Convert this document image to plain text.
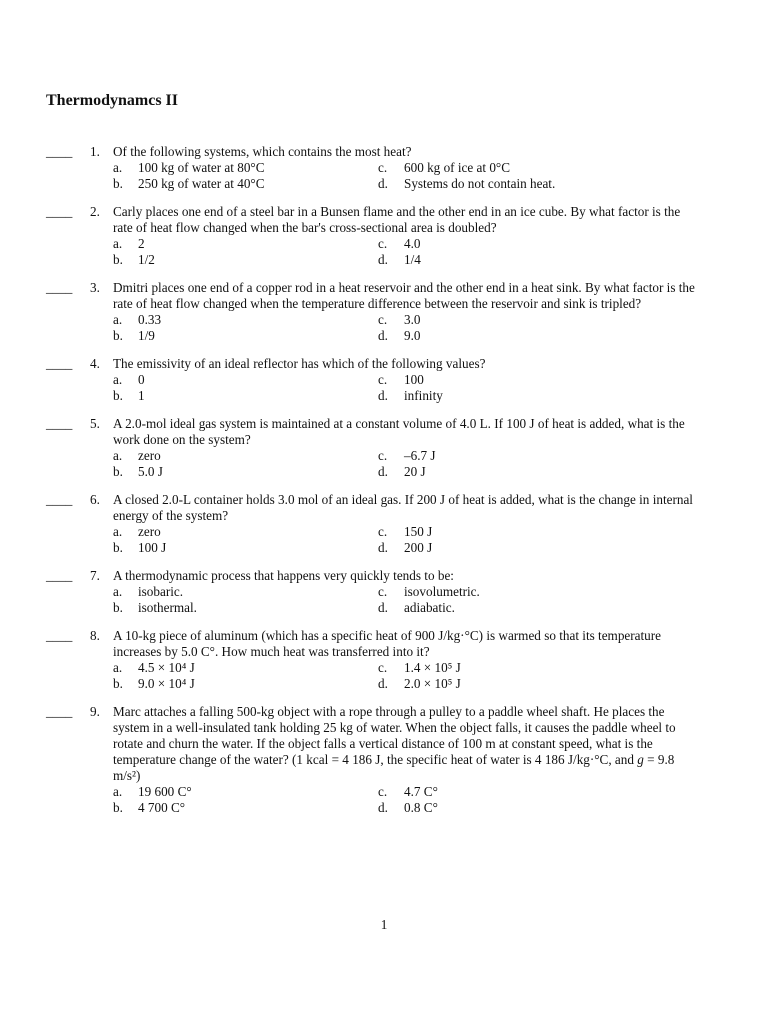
Thermodynamcs II
____ 1. Of the following systems, which contains the most heat?
a.	100 kg of water at 80°C	c.	600 kg of ice at 0°C
b.	250 kg of water at 40°C	d.	Systems do not contain heat.
____ 2. Carly places one end of a steel bar in a Bunsen flame and the other end in an ice cube. By what factor is the
rate of heat flow changed when the bar's cross-sectional area is doubled?
a.	2	c.	4.0
b.	1/2	d.	1/4
____ 3. Dmitri places one end of a copper rod in a heat reservoir and the other end in a heat sink. By what factor is the
rate of heat flow changed when the temperature difference between the reservoir and sink is tripled?
a.	0.33	c.	3.0
b.	1/9	d.	9.0
____ 4. The emissivity of an ideal reflector has which of the following values?
a.	0	c.	100
b.	1	d.	infinity
____ 5. A 2.0-mol ideal gas system is maintained at a constant volume of 4.0 L. If 100 J of heat is added, what is the
work done on the system?
a.	zero	c.	–6.7 J
b.	5.0 J	d.	20 J
____ 6. A closed 2.0-L container holds 3.0 mol of an ideal gas. If 200 J of heat is added, what is the change in internal
energy of the system?
a.	zero	c.	150 J
b.	100 J	d.	200 J
____ 7. A thermodynamic process that happens very quickly tends to be:
a.	isobaric.	c.	isovolumetric.
b.	isothermal.	d.	adiabatic.
____ 8. A 10-kg piece of aluminum (which has a specific heat of 900 J/kg·°C) is warmed so that its temperature
increases by 5.0 C°. How much heat was transferred into it?
a.	4.5 × 10⁴ J	c.	1.4 × 10⁵ J
b.	9.0 × 10⁴ J	d.	2.0 × 10⁵ J
____ 9. Marc attaches a falling 500-kg object with a rope through a pulley to a paddle wheel shaft. He places the
system in a well-insulated tank holding 25 kg of water. When the object falls, it causes the paddle wheel to
rotate and churn the water. If the object falls a vertical distance of 100 m at constant speed, what is the
temperature change of the water? (1 kcal = 4 186 J, the specific heat of water is 4 186 J/kg·°C, and g = 9.8
m/s²)
a.	19 600 C°	c.	4.7 C°
b.	4 700 C°	d.	0.8 C°
1
